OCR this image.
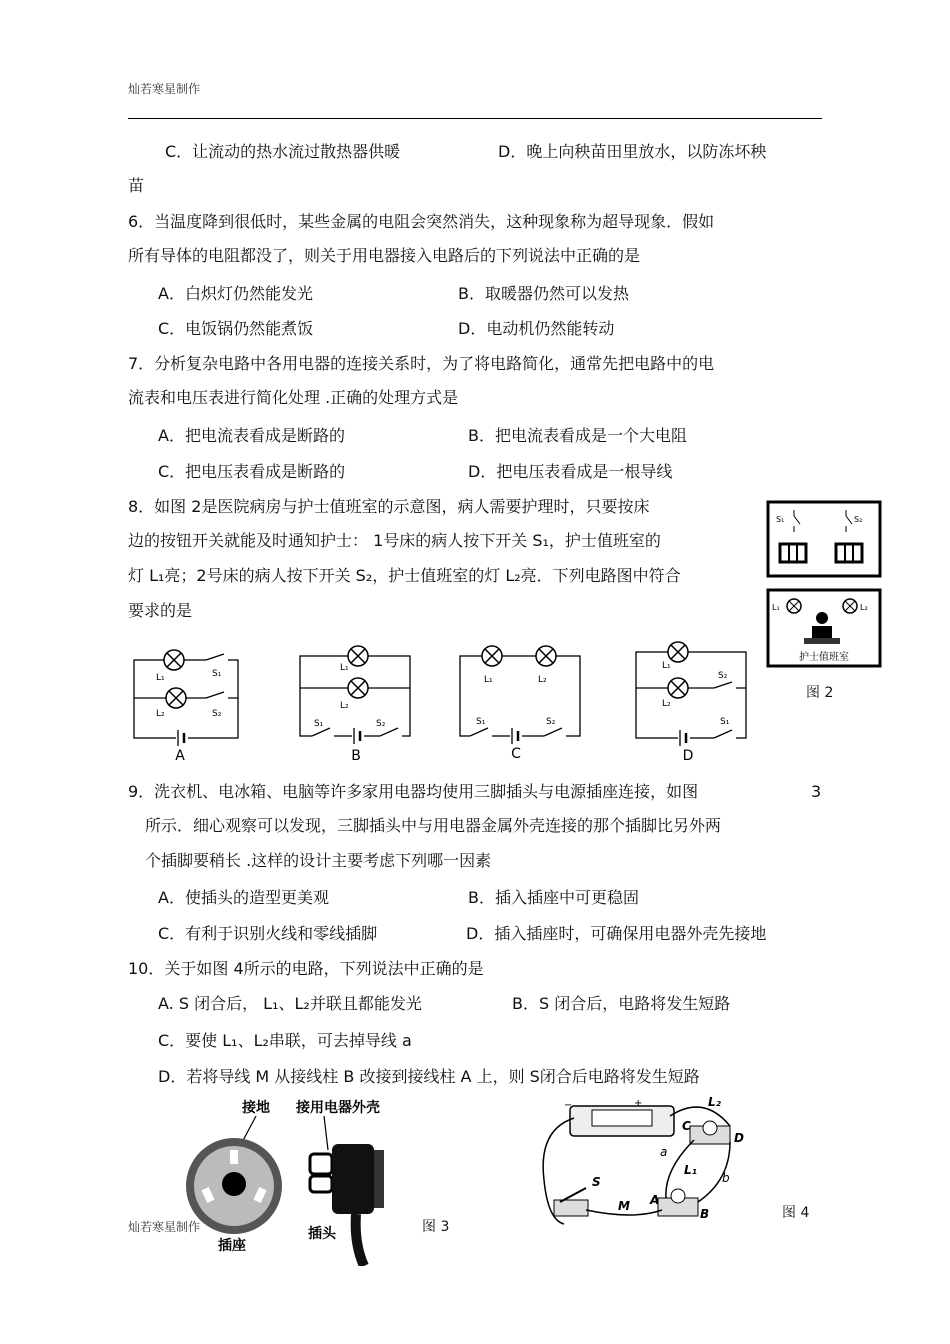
灿若寒星制作
C．让流动的热水流过散热器供暖	D．晚上向秧苗田里放水，以防冻坏秧
苗
6．当温度降到很低时，某些金属的电阻会突然消失，这种现象称为超导现象．假如
所有导体的电阻都没了，则关于用电器接入电路后的下列说法中正确的是
A．白炽灯仍然能发光	B．取暖器仍然可以发热
C．电饭锅仍然能煮饭	D．电动机仍然能转动
7．分析复杂电路中各用电器的连接关系时，为了将电路简化，通常先把电路中的电
流表和电压表进行简化处理 .正确的处理方式是
A．把电流表看成是断路的	B．把电流表看成是一个大电阻
C．把电压表看成是断路的	D．把电压表看成是一根导线
8．如图 2是医院病房与护士值班室的示意图，病人需要护理时，只要按床
边的按钮开关就能及时通知护士： 1号床的病人按下开关 S₁，护士值班室的
灯 L₁亮；2号床的病人按下开关 S₂，护士值班室的灯 L₂亮．下列电路图中符合
要求的是
S₁	S₂
L₁	L₂
护士值班室
图 2
L₁
L₂
S₁
S₂
A
L₁
L₂
S₁	S₂
B
L₁	L₂
S₁	S₂
C
L₁
L₂
S₂
S₁
D
9．洗衣机、电冰箱、电脑等许多家用电器均使用三脚插头与电源插座连接，如图	3
所示．细心观察可以发现，三脚插头中与用电器金属外壳连接的那个插脚比另外两
个插脚要稍长 .这样的设计主要考虑下列哪一因素
A．使插头的造型更美观	B．插入插座中可更稳固
C．有利于识别火线和零线插脚	D．插入插座时，可确保用电器外壳先接地
10．关于如图 4所示的电路，下列说法中正确的是
A. S 闭合后， L₁、L₂并联且都能发光	B．S 闭合后，电路将发生短路
C．要使 L₁、L₂串联，可去掉导线 a
D．若将导线 M 从接线柱 B 改接到接线柱 A 上，则 S闭合后电路将发生短路
接地 接用电器外壳
插座
插头	图 3
灿若寒星制作
−	+	L₂
C
D
L₁
A
B
a
b
S
M	图 4
